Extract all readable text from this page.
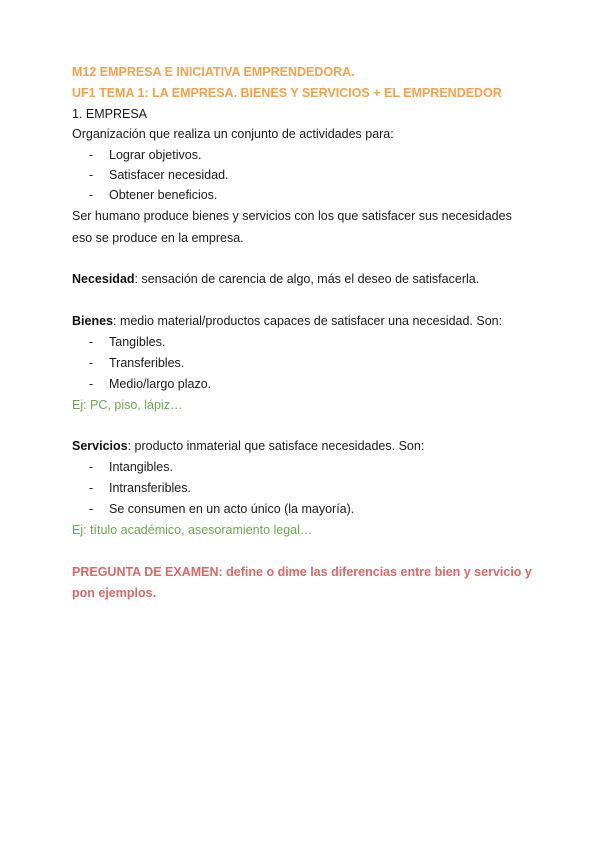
M12 EMPRESA E INICIATIVA EMPRENDEDORA.
UF1 TEMA 1: LA EMPRESA. BIENES Y SERVICIOS + EL EMPRENDEDOR
1. EMPRESA
Organización que realiza un conjunto de actividades para:
- Lograr objetivos.
- Satisfacer necesidad.
- Obtener beneficios.
Ser humano produce bienes y servicios con los que satisfacer sus necesidades
eso se produce en la empresa.
Necesidad: sensación de carencia de algo, más el deseo de satisfacerla.
Bienes: medio material/productos capaces de satisfacer una necesidad. Son:
- Tangibles.
- Transferibles.
- Medio/largo plazo.
Ej: PC, piso, lápiz…
Servicios: producto inmaterial que satisface necesidades. Son:
- Intangibles.
- Intransferibles.
- Se consumen en un acto único (la mayoría).
Ej: título académico, asesoramiento legal…
PREGUNTA DE EXAMEN: define o dime las diferencias entre bien y servicio y
pon ejemplos.
